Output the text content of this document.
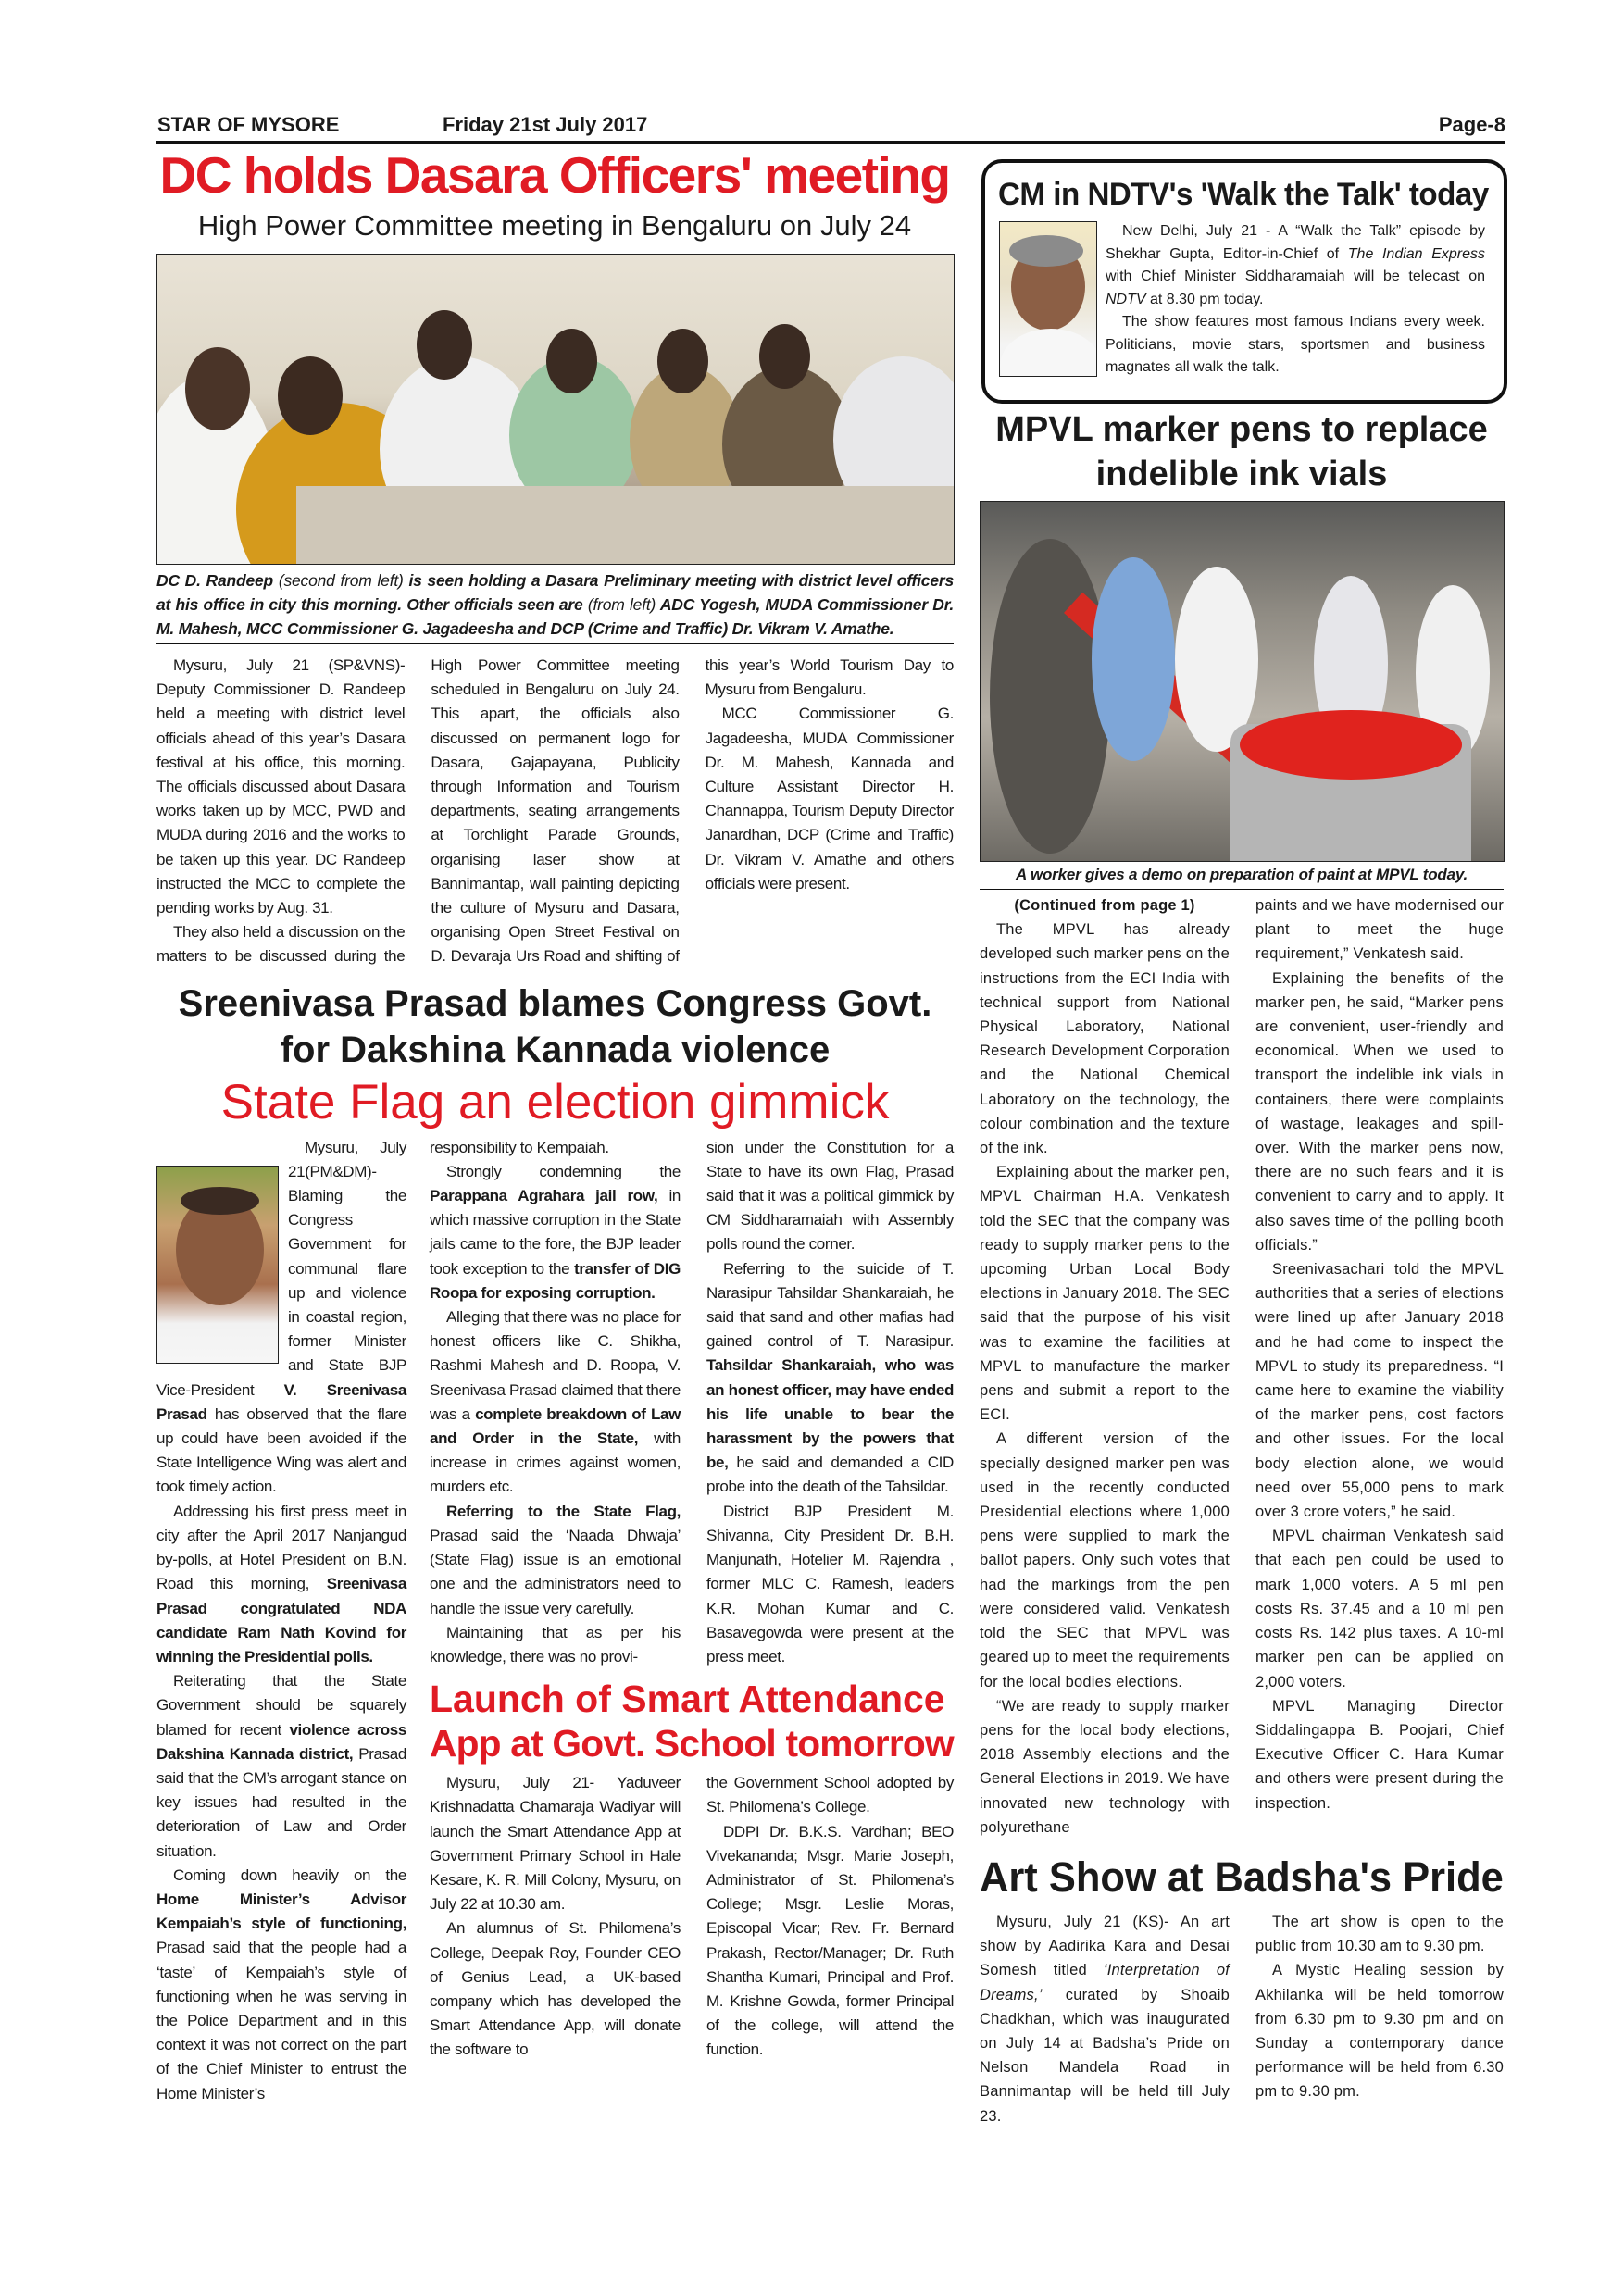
STAR OF MYSORE	Friday 21st July 2017	Page-8
DC holds Dasara Officers' meeting
High Power Committee meeting in Bengaluru on July 24
DC D. Randeep (second from left) is seen holding a Dasara Preliminary meeting with district level officers at his office in city this morning. Other officials seen are (from left) ADC Yogesh, MUDA Commissioner Dr. M. Mahesh, MCC Commissioner G. Jagadeesha and DCP (Crime and Traffic) Dr. Vikram V. Amathe.

Mysuru, July 21 (SP&VNS)- Deputy Commissioner D. Randeep held a meeting with district level officials ahead of this year’s Dasara festival at his office, this morning. The officials discussed about Dasara works taken up by MCC, PWD and MUDA during 2016 and the works to be taken up this year. DC Randeep instructed the MCC to complete the pending works by Aug. 31.

They also held a discussion on the matters to be discussed during the High Power Committee meeting scheduled in Bengaluru on July 24. This apart, the officials also discussed on permanent logo for Dasara, Gajapayana, Publicity through Information and Tourism departments, seating arrangements at Torchlight Parade Grounds, organising laser show at Bannimantap, wall painting depicting the culture of Mysuru and Dasara, organising Open Street Festival on D. Devaraja Urs Road and shifting of this year’s World Tourism Day to Mysuru from Bengaluru.

MCC Commissioner G. Jagadeesha, MUDA Commissioner Dr. M. Mahesh, Kannada and Culture Assistant Director H. Channappa, Tourism Deputy Director Janardhan, DCP (Crime and Traffic) Dr. Vikram V. Amathe and others officials were present.

Sreenivasa Prasad blames Congress Govt.
for Dakshina Kannada violence
State Flag an election gimmick

Mysuru, July 21(PM&DM)- Blaming the Congress Government for communal flare up and violence in coastal region, former Minister and State BJP Vice-President V. Sreenivasa Prasad has observed that the flare up could have been avoided if the State Intelligence Wing was alert and took timely action.

Addressing his first press meet in city after the April 2017 Nanjangud by-polls, at Hotel President on B.N. Road this morning, Sreenivasa Prasad congratulated NDA candidate Ram Nath Kovind for winning the Presidential polls.

Reiterating that the State Government should be squarely blamed for recent violence across Dakshina Kannada district, Prasad said that the CM’s arrogant stance on key issues had resulted in the deterioration of Law and Order situation.

Coming down heavily on the Home Minister’s Advisor Kempaiah’s style of functioning, Prasad said that the people had a ‘taste’ of Kempaiah’s style of functioning when he was serving in the Police Department and in this context it was not correct on the part of the Chief Minister to entrust the Home Minister’s

responsibility to Kempaiah.

Strongly condemning the Parappana Agrahara jail row, in which massive corruption in the State jails came to the fore, the BJP leader took exception to the transfer of DIG Roopa for exposing corruption.

Alleging that there was no place for honest officers like C. Shikha, Rashmi Mahesh and D. Roopa, V. Sreenivasa Prasad claimed that there was a complete breakdown of Law and Order in the State, with increase in crimes against women, murders etc.

Referring to the State Flag, Prasad said the ‘Naada Dhwaja’ (State Flag) issue is an emotional one and the administrators need to handle the issue very carefully.

Maintaining that as per his knowledge, there was no provi-

sion under the Constitution for a State to have its own Flag, Prasad said that it was a political gimmick by CM Siddharamaiah with Assembly polls round the corner.

Referring to the suicide of T. Narasipur Tahsildar Shankaraiah, he said that sand and other mafias had gained control of T. Narasipur. Tahsildar Shankaraiah, who was an honest officer, may have ended his life unable to bear the harassment by the powers that be, he said and demanded a CID probe into the death of the Tahsildar.

District BJP President M. Shivanna, City President Dr. B.H. Manjunath, Hotelier M. Rajendra , former MLC C. Ramesh, leaders K.R. Mohan Kumar and C. Basavegowda were present at the press meet.

Launch of Smart Attendance
App at Govt. School tomorrow

Mysuru, July 21- Yaduveer Krishnadatta Chamaraja Wadiyar will launch the Smart Attendance App at Government Primary School in Hale Kesare, K. R. Mill Colony, Mysuru, on July 22 at 10.30 am.

An alumnus of St. Philomena’s College, Deepak Roy, Founder CEO of Genius Lead, a UK-based company which has developed the Smart Attendance App, will donate the software to

the Government School adopted by St. Philomena’s College.

DDPI Dr. B.K.S. Vardhan; BEO Vivekananda; Msgr. Marie Joseph, Administrator of St. Philomena’s College; Msgr. Leslie Moras, Episcopal Vicar; Rev. Fr. Bernard Prakash, Rector/Manager; Dr. Ruth Shantha Kumari, Principal and Prof. M. Krishne Gowda, former Principal of the college, will attend the function.

CM in NDTV's 'Walk the Talk' today

New Delhi, July 21 - A “Walk the Talk” episode by Shekhar Gupta, Editor-in-Chief of The Indian Express with Chief Minister Siddharamaiah will be telecast on NDTV at 8.30 pm today.

The show features most famous Indians every week. Politicians, movie stars, sportsmen and business magnates all walk the talk.

MPVL marker pens to replace
indelible ink vials
A worker gives a demo on preparation of paint at MPVL today.
(Continued from page 1)

The MPVL has already developed such marker pens on the instructions from the ECI India with technical support from National Physical Laboratory, National Research Development Corporation and the National Chemical Laboratory on the technology, the colour combination and the texture of the ink.

Explaining about the marker pen, MPVL Chairman H.A. Venkatesh told the SEC that the company was ready to supply marker pens to the upcoming Urban Local Body elections in January 2018. The SEC said that the purpose of his visit was to examine the facilities at MPVL to manufacture the marker pens and submit a report to the ECI.

A different version of the specially designed marker pen was used in the recently conducted Presidential elections where 1,000 pens were supplied to mark the ballot papers. Only such votes that had the markings from the pen were considered valid. Venkatesh told the SEC that MPVL was geared up to meet the requirements for the local bodies elections.

“We are ready to supply marker pens for the local body elections, 2018 Assembly elections and the General Elections in 2019. We have innovated new technology with polyurethane

paints and we have modernised our plant to meet the huge requirement,” Venkatesh said.

Explaining the benefits of the marker pen, he said, “Marker pens are convenient, user-friendly and economical. When we used to transport the indelible ink vials in containers, there were complaints of wastage, leakages and spill-over. With the marker pens now, there are no such fears and it is convenient to carry and to apply. It also saves time of the polling booth officials.”

Sreenivasachari told the MPVL authorities that a series of elections were lined up after January 2018 and he had come to inspect the MPVL to study its preparedness. “I came here to examine the viability of the marker pens, cost factors and other issues. For the local body election alone, we would need over 55,000 pens to mark over 3 crore voters,” he said.

MPVL chairman Venkatesh said that each pen could be used to mark 1,000 voters. A 5 ml pen costs Rs. 37.45 and a 10 ml pen costs Rs. 142 plus taxes. A 10-ml marker pen can be applied on 2,000 voters.

MPVL Managing Director Siddalingappa B. Poojari, Chief Executive Officer C. Hara Kumar and others were present during the inspection.

Art Show at Badsha's Pride

Mysuru, July 21 (KS)- An art show by Aadirika Kara and Desai Somesh titled ‘Interpretation of Dreams,’ curated by Shoaib Chadkhan, which was inaugurated on July 14 at Badsha’s Pride on Nelson Mandela Road in Bannimantap will be held till July 23.

The art show is open to the public from 10.30 am to 9.30 pm.

A Mystic Healing session by Akhilanka will be held tomorrow from 6.30 pm to 9.30 pm and on Sunday a contemporary dance performance will be held from 6.30 pm to 9.30 pm.
